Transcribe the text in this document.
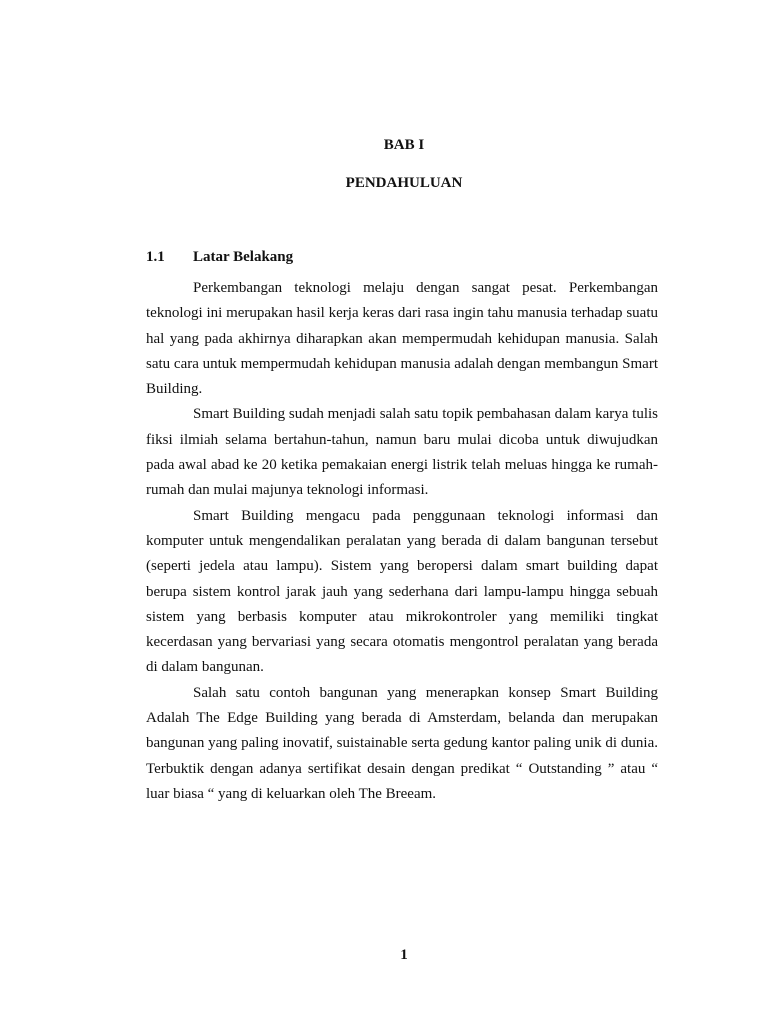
BAB I
PENDAHULUAN
1.1 Latar Belakang

Perkembangan teknologi melaju dengan sangat pesat. Perkembangan teknologi ini merupakan hasil kerja keras dari rasa ingin tahu manusia terhadap suatu hal yang pada akhirnya diharapkan akan mempermudah kehidupan manusia. Salah satu cara untuk mempermudah kehidupan manusia adalah dengan membangun Smart Building.

Smart Building sudah menjadi salah satu topik pembahasan dalam karya tulis fiksi ilmiah selama bertahun-tahun, namun baru mulai dicoba untuk diwujudkan pada awal abad ke 20 ketika pemakaian energi listrik telah meluas hingga ke rumah-rumah dan mulai majunya teknologi informasi.

Smart Building mengacu pada penggunaan teknologi informasi dan komputer untuk mengendalikan peralatan yang berada di dalam bangunan tersebut (seperti jedela atau lampu). Sistem yang beropersi dalam smart building dapat berupa sistem kontrol jarak jauh yang sederhana dari lampu-lampu hingga sebuah sistem yang berbasis komputer atau mikrokontroler yang memiliki tingkat kecerdasan yang bervariasi yang secara otomatis mengontrol peralatan yang berada di dalam bangunan.

Salah satu contoh bangunan yang menerapkan konsep Smart Building Adalah The Edge Building yang berada di Amsterdam, belanda dan merupakan bangunan yang paling inovatif, suistainable serta gedung kantor paling unik di dunia. Terbuktik dengan adanya sertifikat desain dengan predikat “ Outstanding ” atau “ luar biasa “ yang di keluarkan oleh The Breeam.

1
